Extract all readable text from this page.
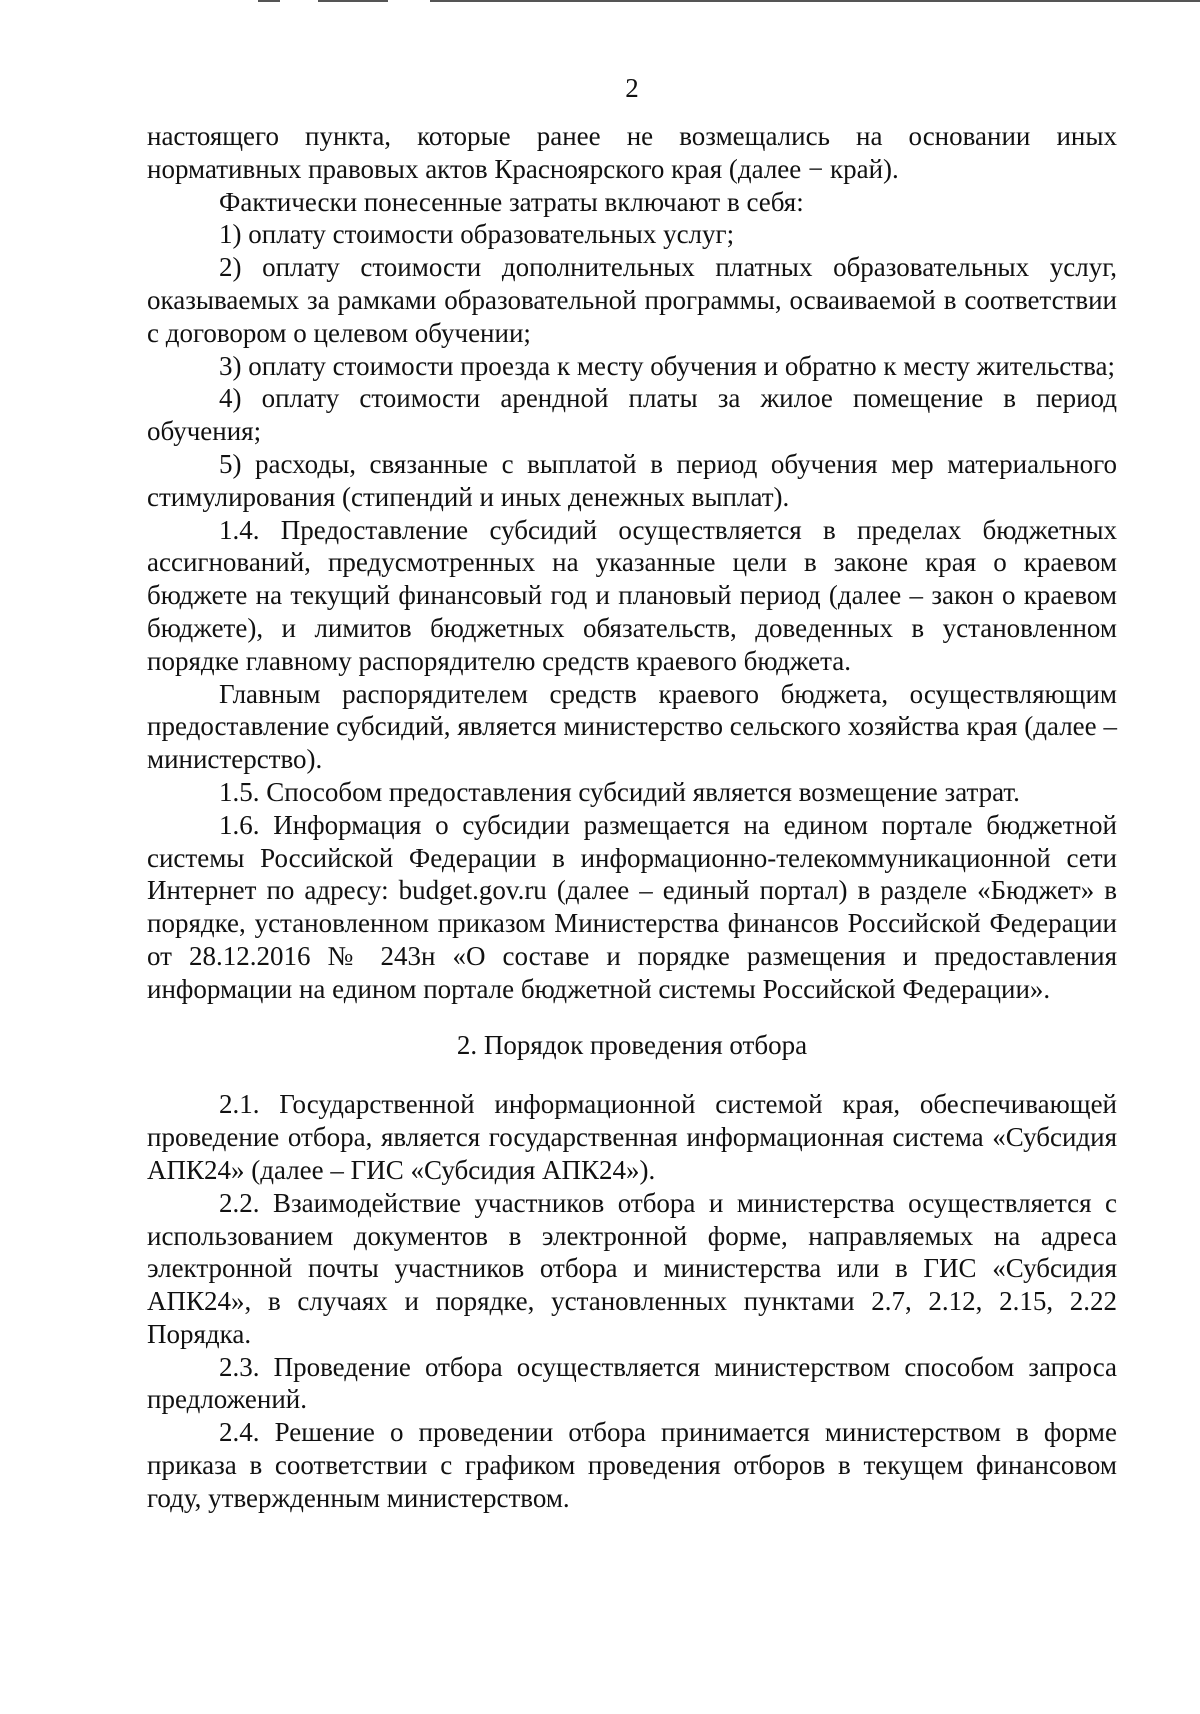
2

настоящего пункта, которые ранее не возмещались на основании иных нормативных правовых актов Красноярского края (далее − край).

Фактически понесенные затраты включают в себя:

1) оплату стоимости образовательных услуг;

2) оплату стоимости дополнительных платных образовательных услуг, оказываемых за рамками образовательной программы, осваиваемой в соответствии с договором о целевом обучении;

3) оплату стоимости проезда к месту обучения и обратно к месту жительства;

4) оплату стоимости арендной платы за жилое помещение в период обучения;

5) расходы, связанные с выплатой в период обучения мер материального стимулирования (стипендий и иных денежных выплат).

1.4. Предоставление субсидий осуществляется в пределах бюджетных ассигнований, предусмотренных на указанные цели в законе края о краевом бюджете на текущий финансовый год и плановый период (далее – закон о краевом бюджете), и лимитов бюджетных обязательств, доведенных в установленном порядке главному распорядителю средств краевого бюджета.

Главным распорядителем средств краевого бюджета, осуществляющим предоставление субсидий, является министерство сельского хозяйства края (далее – министерство).

1.5. Способом предоставления субсидий является возмещение затрат.

1.6. Информация о субсидии размещается на едином портале бюджетной системы Российской Федерации в информационно-телекоммуникационной сети Интернет по адресу: budget.gov.ru (далее – единый портал) в разделе «Бюджет» в порядке, установленном приказом Министерства финансов Российской Федерации от 28.12.2016 № 243н «О составе и порядке размещения и предоставления информации на едином портале бюджетной системы Российской Федерации».

2. Порядок проведения отбора

2.1. Государственной информационной системой края, обеспечивающей проведение отбора, является государственная информационная система «Субсидия АПК24» (далее – ГИС «Субсидия АПК24»).

2.2. Взаимодействие участников отбора и министерства осуществляется с использованием документов в электронной форме, направляемых на адреса электронной почты участников отбора и министерства или в ГИС «Субсидия АПК24», в случаях и порядке, установленных пунктами 2.7, 2.12, 2.15, 2.22 Порядка.

2.3. Проведение отбора осуществляется министерством способом запроса предложений.

2.4. Решение о проведении отбора принимается министерством в форме приказа в соответствии с графиком проведения отборов в текущем финансовом году, утвержденным министерством.
